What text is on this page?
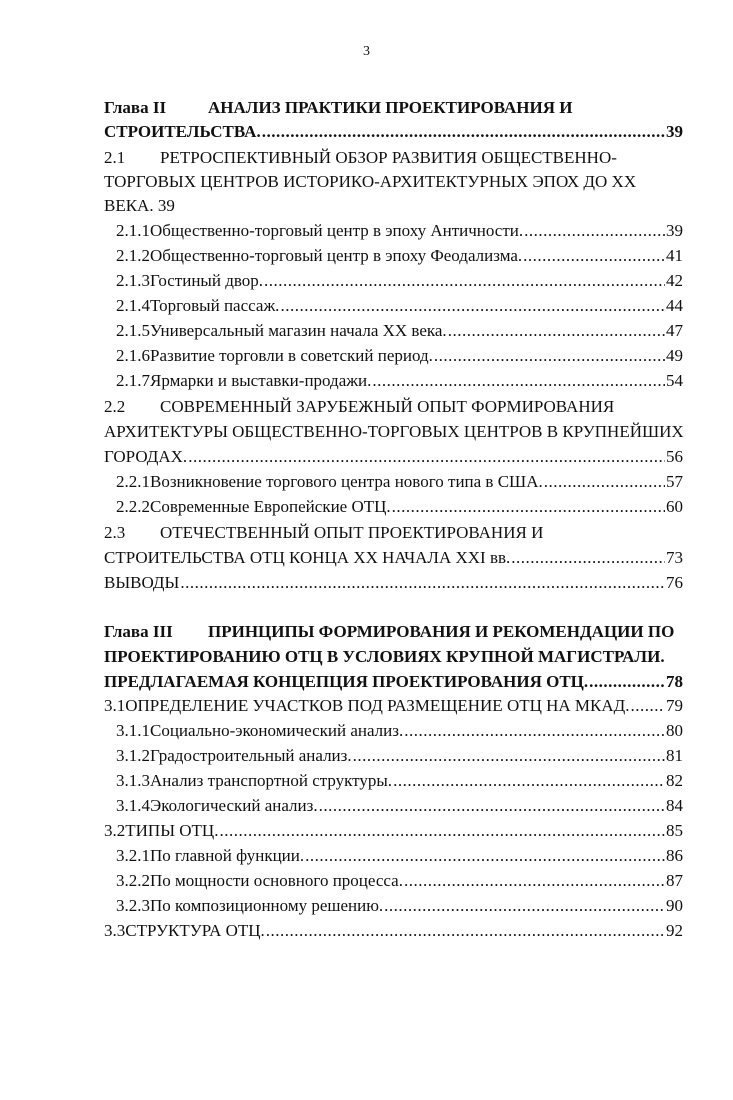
3
Глава II АНАЛИЗ ПРАКТИКИ ПРОЕКТИРОВАНИЯ И
СТРОИТЕЛЬСТВА. .....	39
2.1 РЕТРОСПЕКТИВНЫЙ ОБЗОР РАЗВИТИЯ ОБЩЕСТВЕННО-
ТОРГОВЫХ ЦЕНТРОВ ИСТОРИКО-АРХИТЕКТУРНЫХ ЭПОХ ДО XX
ВЕКА. 39
2.1.1 Общественно-торговый центр в эпоху Античности. .....	39
2.1.2 Общественно-торговый центр в эпоху Феодализма. .....	41
2.1.3 Гостиный двор. .....	42
2.1.4 Торговый пассаж. .....	44
2.1.5 Универсальный магазин начала XX века. .....	47
2.1.6 Развитие торговли в советский период. .....	49
2.1.7 Ярмарки и выставки-продажи. .....	54
2.2 СОВРЕМЕННЫЙ ЗАРУБЕЖНЫЙ ОПЫТ ФОРМИРОВАНИЯ
АРХИТЕКТУРЫ ОБЩЕСТВЕННО-ТОРГОВЫХ ЦЕНТРОВ В КРУПНЕЙШИХ
ГОРОДАХ. .....	56
2.2.1 Возникновение торгового центра нового типа в США. .....	57
2.2.2 Современные Европейские ОТЦ. .....	60
2.3 ОТЕЧЕСТВЕННЫЙ ОПЫТ ПРОЕКТИРОВАНИЯ И
СТРОИТЕЛЬСТВА ОТЦ КОНЦА XX НАЧАЛА XXI вв. .....	73
ВЫВОДЫ .....	76
Глава III ПРИНЦИПЫ ФОРМИРОВАНИЯ И РЕКОМЕНДАЦИИ ПО
ПРОЕКТИРОВАНИЮ ОТЦ В УСЛОВИЯХ КРУПНОЙ МАГИСТРАЛИ.
ПРЕДЛАГАЕМАЯ КОНЦЕПЦИЯ ПРОЕКТИРОВАНИЯ ОТЦ. .....	78
3.1 ОПРЕДЕЛЕНИЕ УЧАСТКОВ ПОД РАЗМЕЩЕНИЕ ОТЦ НА МКАД. ..... 79
3.1.1 Социально-экономический анализ. .....	80
3.1.2 Градостроительный анализ. .....	81
3.1.3 Анализ транспортной структуры. .....	82
3.1.4 Экологический анализ. .....	84
3.2 ТИПЫ ОТЦ. .....	85
3.2.1 По главной функции. .....	86
3.2.2 По мощности основного процесса. .....	87
3.2.3 По композиционному решению. .....	90
3.3 СТРУКТУРА ОТЦ. .....	92
